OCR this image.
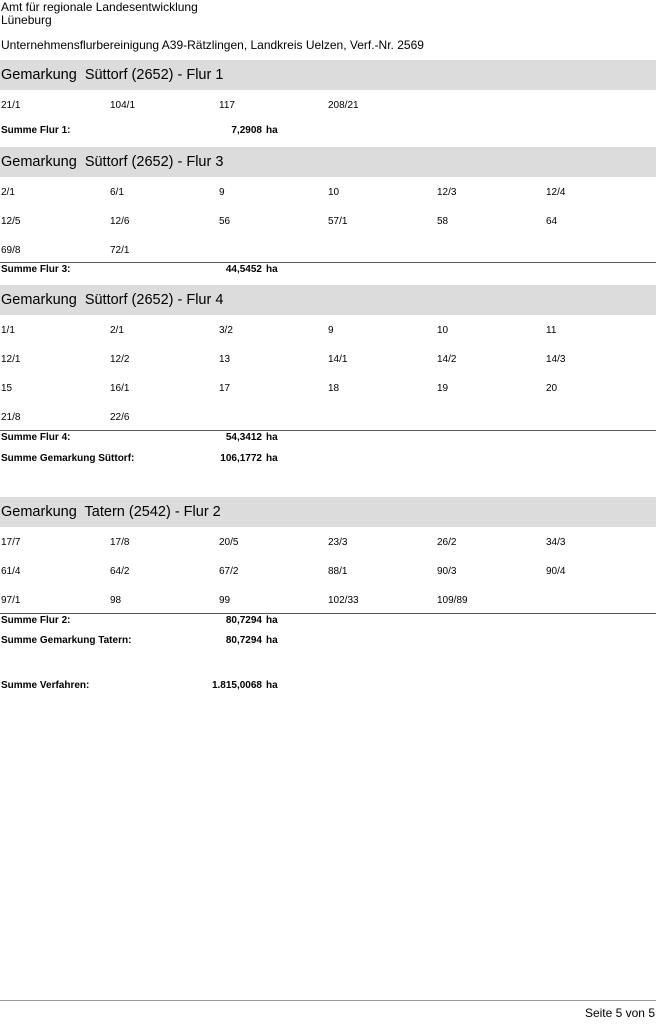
Amt für regionale Landesentwicklung
Lüneburg
Unternehmensflurbereinigung A39-Rätzlingen, Landkreis Uelzen, Verf.-Nr. 2569
Gemarkung  Süttorf (2652) - Flur 1
21/1	104/1	117	208/21
Summe Flur 1:	7,2908 ha
Gemarkung  Süttorf (2652) - Flur 3
2/1	6/1	9	10	12/3	12/4
12/5	12/6	56	57/1	58	64
69/8	72/1
Summe Flur 3:	44,5452 ha
Gemarkung  Süttorf (2652) - Flur 4
1/1	2/1	3/2	9	10	11
12/1	12/2	13	14/1	14/2	14/3
15	16/1	17	18	19	20
21/8	22/6
Summe Flur 4:	54,3412 ha
Summe Gemarkung Süttorf:	106,1772 ha
Gemarkung  Tatern (2542) - Flur 2
17/7	17/8	20/5	23/3	26/2	34/3
61/4	64/2	67/2	88/1	90/3	90/4
97/1	98	99	102/33	109/89
Summe Flur 2:	80,7294 ha
Summe Gemarkung Tatern:	80,7294 ha
Summe Verfahren:	1.815,0068 ha
Seite 5 von 5
